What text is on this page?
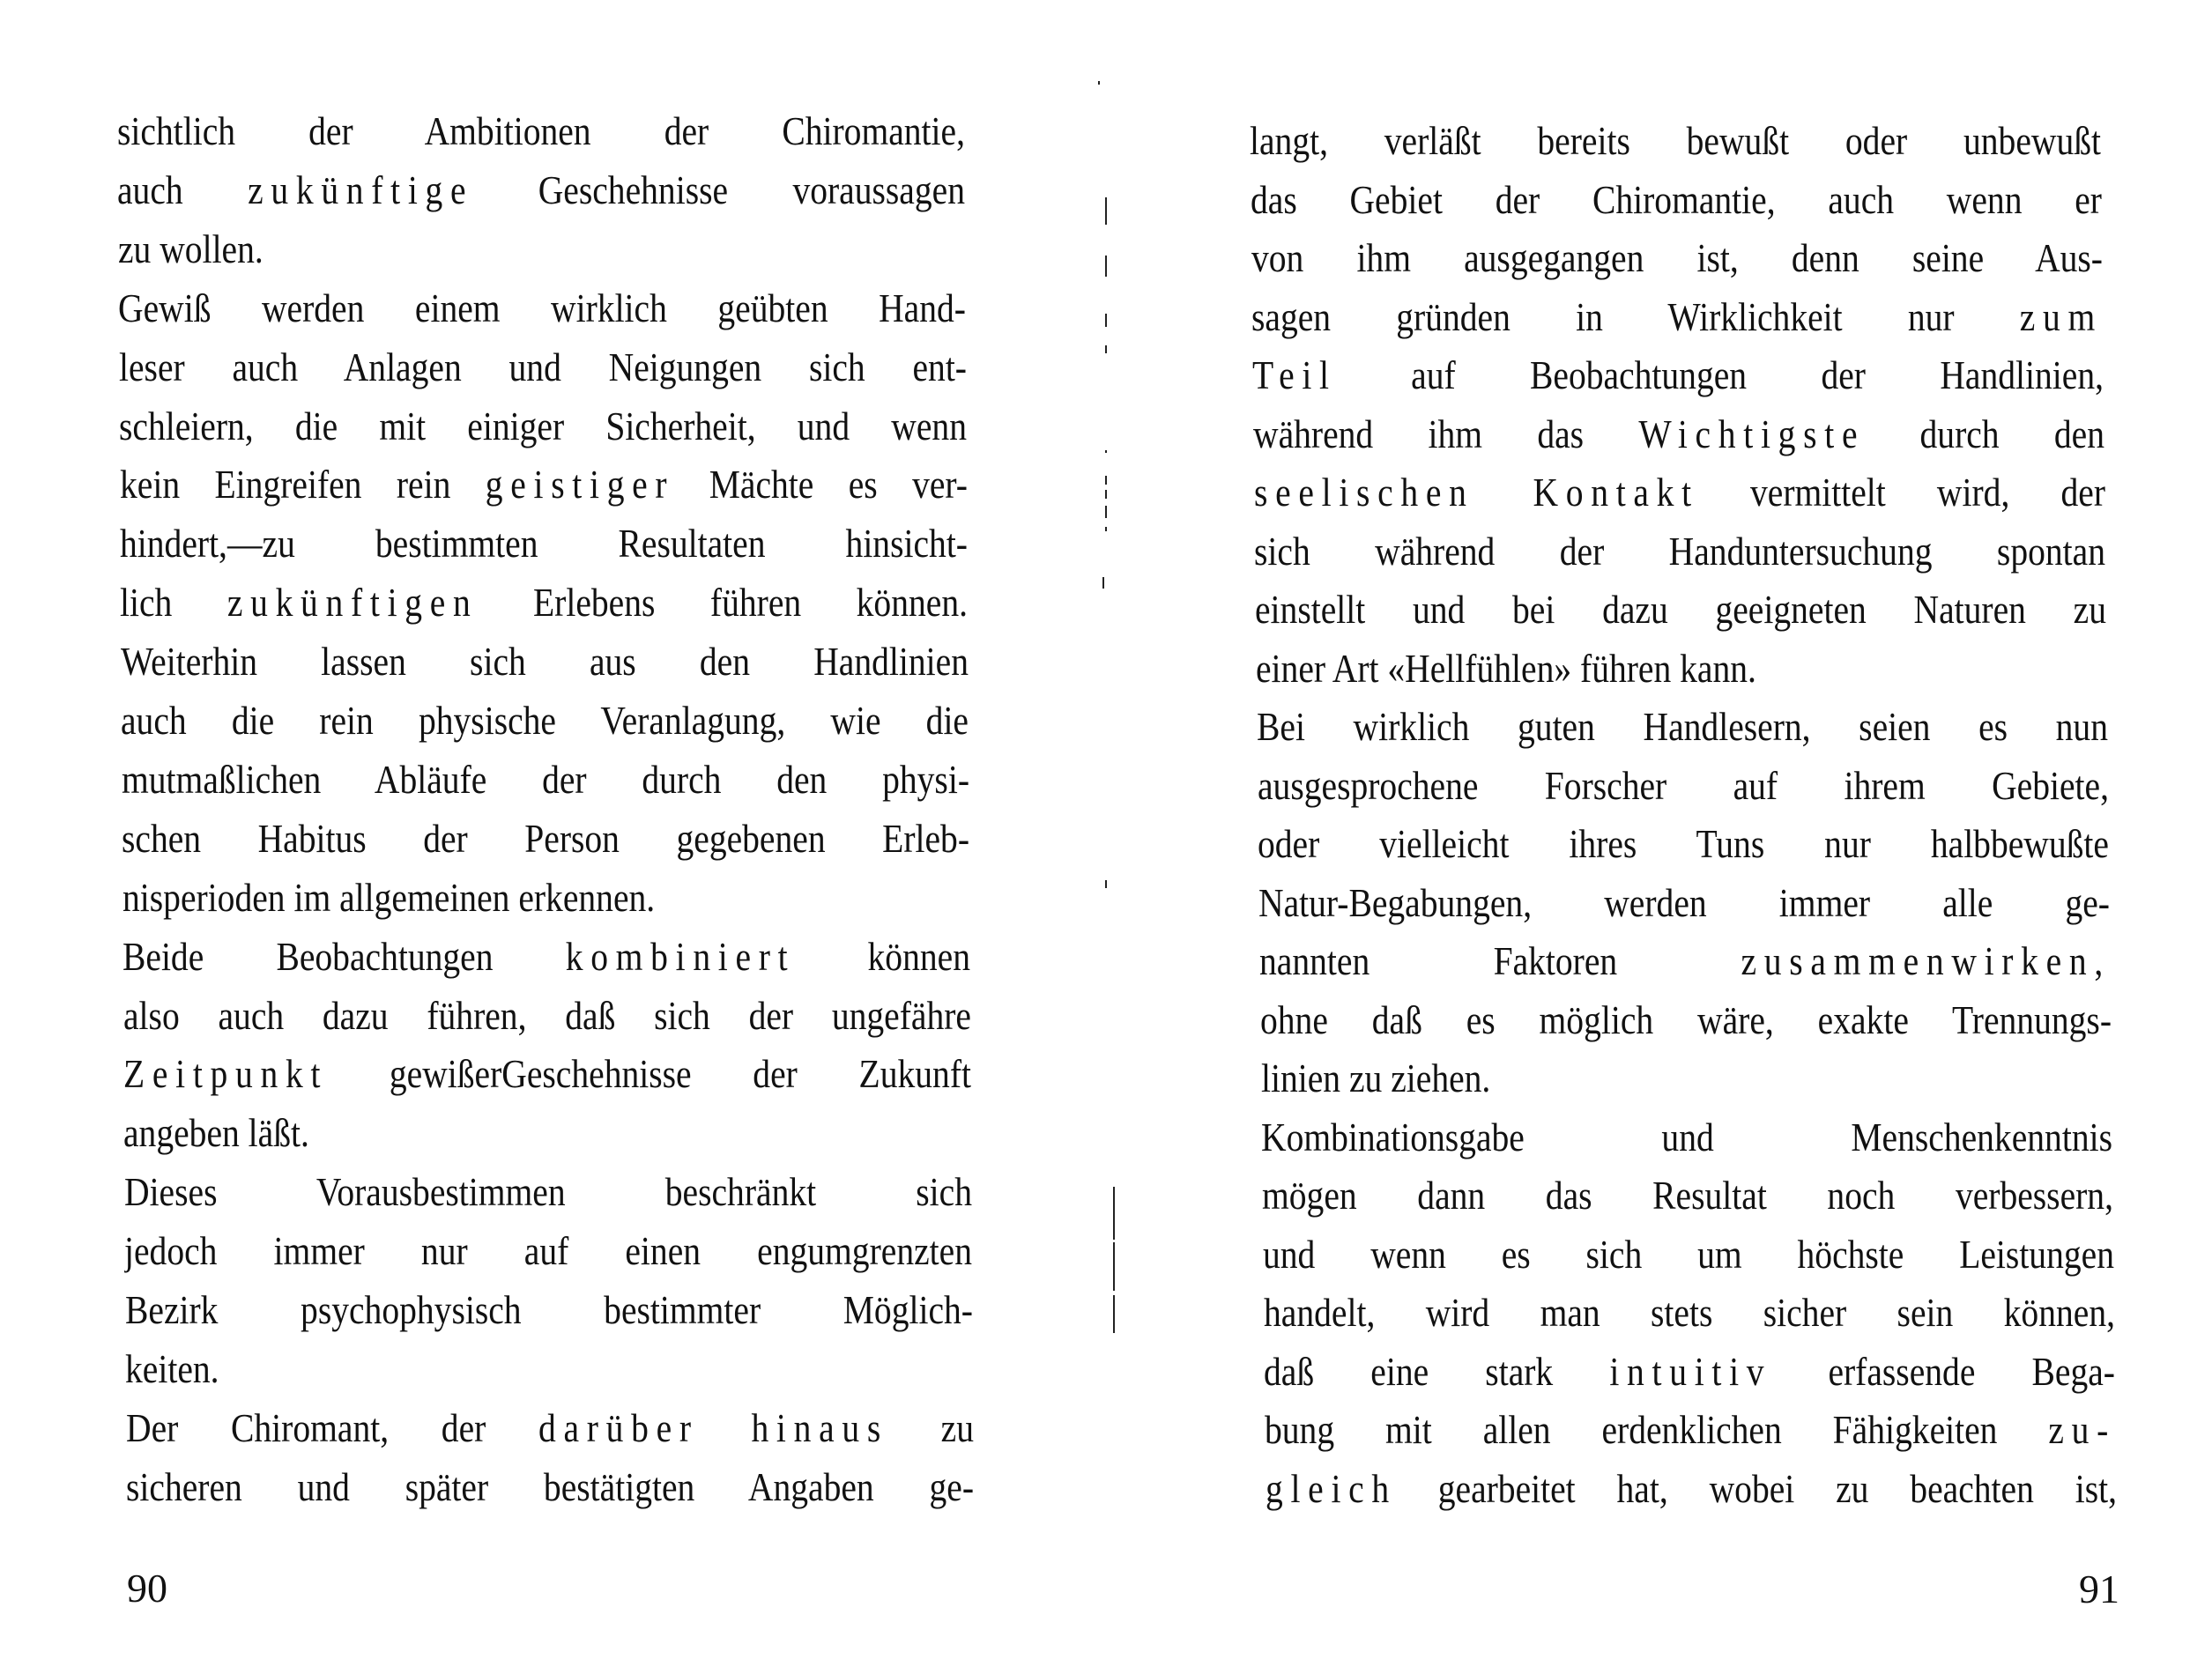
sichtlich der Ambitionen der Chiromantie,
auch zukünftige Geschehnisse voraussagen
zu wollen.
Gewiß werden einem wirklich geübten Hand-
leser auch Anlagen und Neigungen sich ent-
schleiern, die mit einiger Sicherheit, und wenn
kein Eingreifen rein geistiger Mächte es ver-
hindert,—zu bestimmten Resultaten hinsicht-
lich zukünftigen Erlebens führen können.
Weiterhin lassen sich aus den Handlinien
auch die rein physische Veranlagung, wie die
mutmaßlichen Abläufe der durch den physi-
schen Habitus der Person gegebenen Erleb-
nisperioden im allgemeinen erkennen.
Beide Beobachtungen kombiniert können
also auch dazu führen, daß sich der ungefähre
Zeitpunkt gewißerGeschehnisse der Zukunft
angeben läßt.
Dieses Vorausbestimmen beschränkt sich
jedoch immer nur auf einen engumgrenzten
Bezirk psychophysisch bestimmter Möglich-
keiten.
Der Chiromant, der darüber hinaus zu
sicheren und später bestätigten Angaben ge-
90
langt, verläßt bereits bewußt oder unbewußt
das Gebiet der Chiromantie, auch wenn er
von ihm ausgegangen ist, denn seine Aus-
sagen gründen in Wirklichkeit nur zum
Teil auf Beobachtungen der Handlinien,
während ihm das Wichtigste durch den
seelischen Kontakt vermittelt wird, der
sich während der Handuntersuchung spontan
einstellt und bei dazu geeigneten Naturen zu
einer Art «Hellfühlen» führen kann.
Bei wirklich guten Handlesern, seien es nun
ausgesprochene Forscher auf ihrem Gebiete,
oder vielleicht ihres Tuns nur halbbewußte
Natur-Begabungen, werden immer alle ge-
nannten Faktoren zusammenwirken,
ohne daß es möglich wäre, exakte Trennungs-
linien zu ziehen.
Kombinationsgabe und Menschenkenntnis
mögen dann das Resultat noch verbessern,
und wenn es sich um höchste Leistungen
handelt, wird man stets sicher sein können,
daß eine stark intuitiv erfassende Bega-
bung mit allen erdenklichen Fähigkeiten zu-
gleich gearbeitet hat, wobei zu beachten ist,
91
